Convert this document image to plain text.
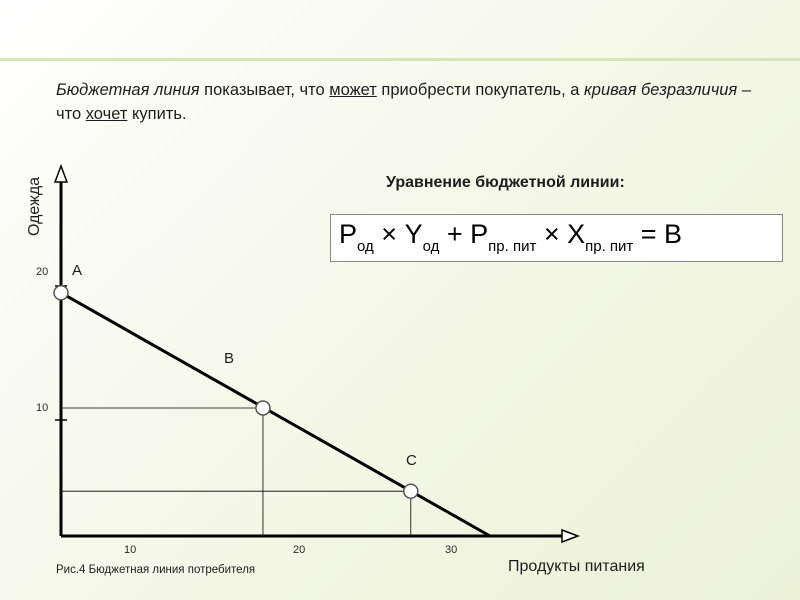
Бюджетная линия показывает, что может приобрести покупатель, а кривая безразличия – что хочет купить.
Уравнение бюджетной линии:
$P_{од} \times Y_{од} + P_{пр. пит} \times X_{пр. пит} = B$
10	20	30
20
10
A
B
C
Одежда
Продукты питания
Рис.4 Бюджетная линия потребителя
